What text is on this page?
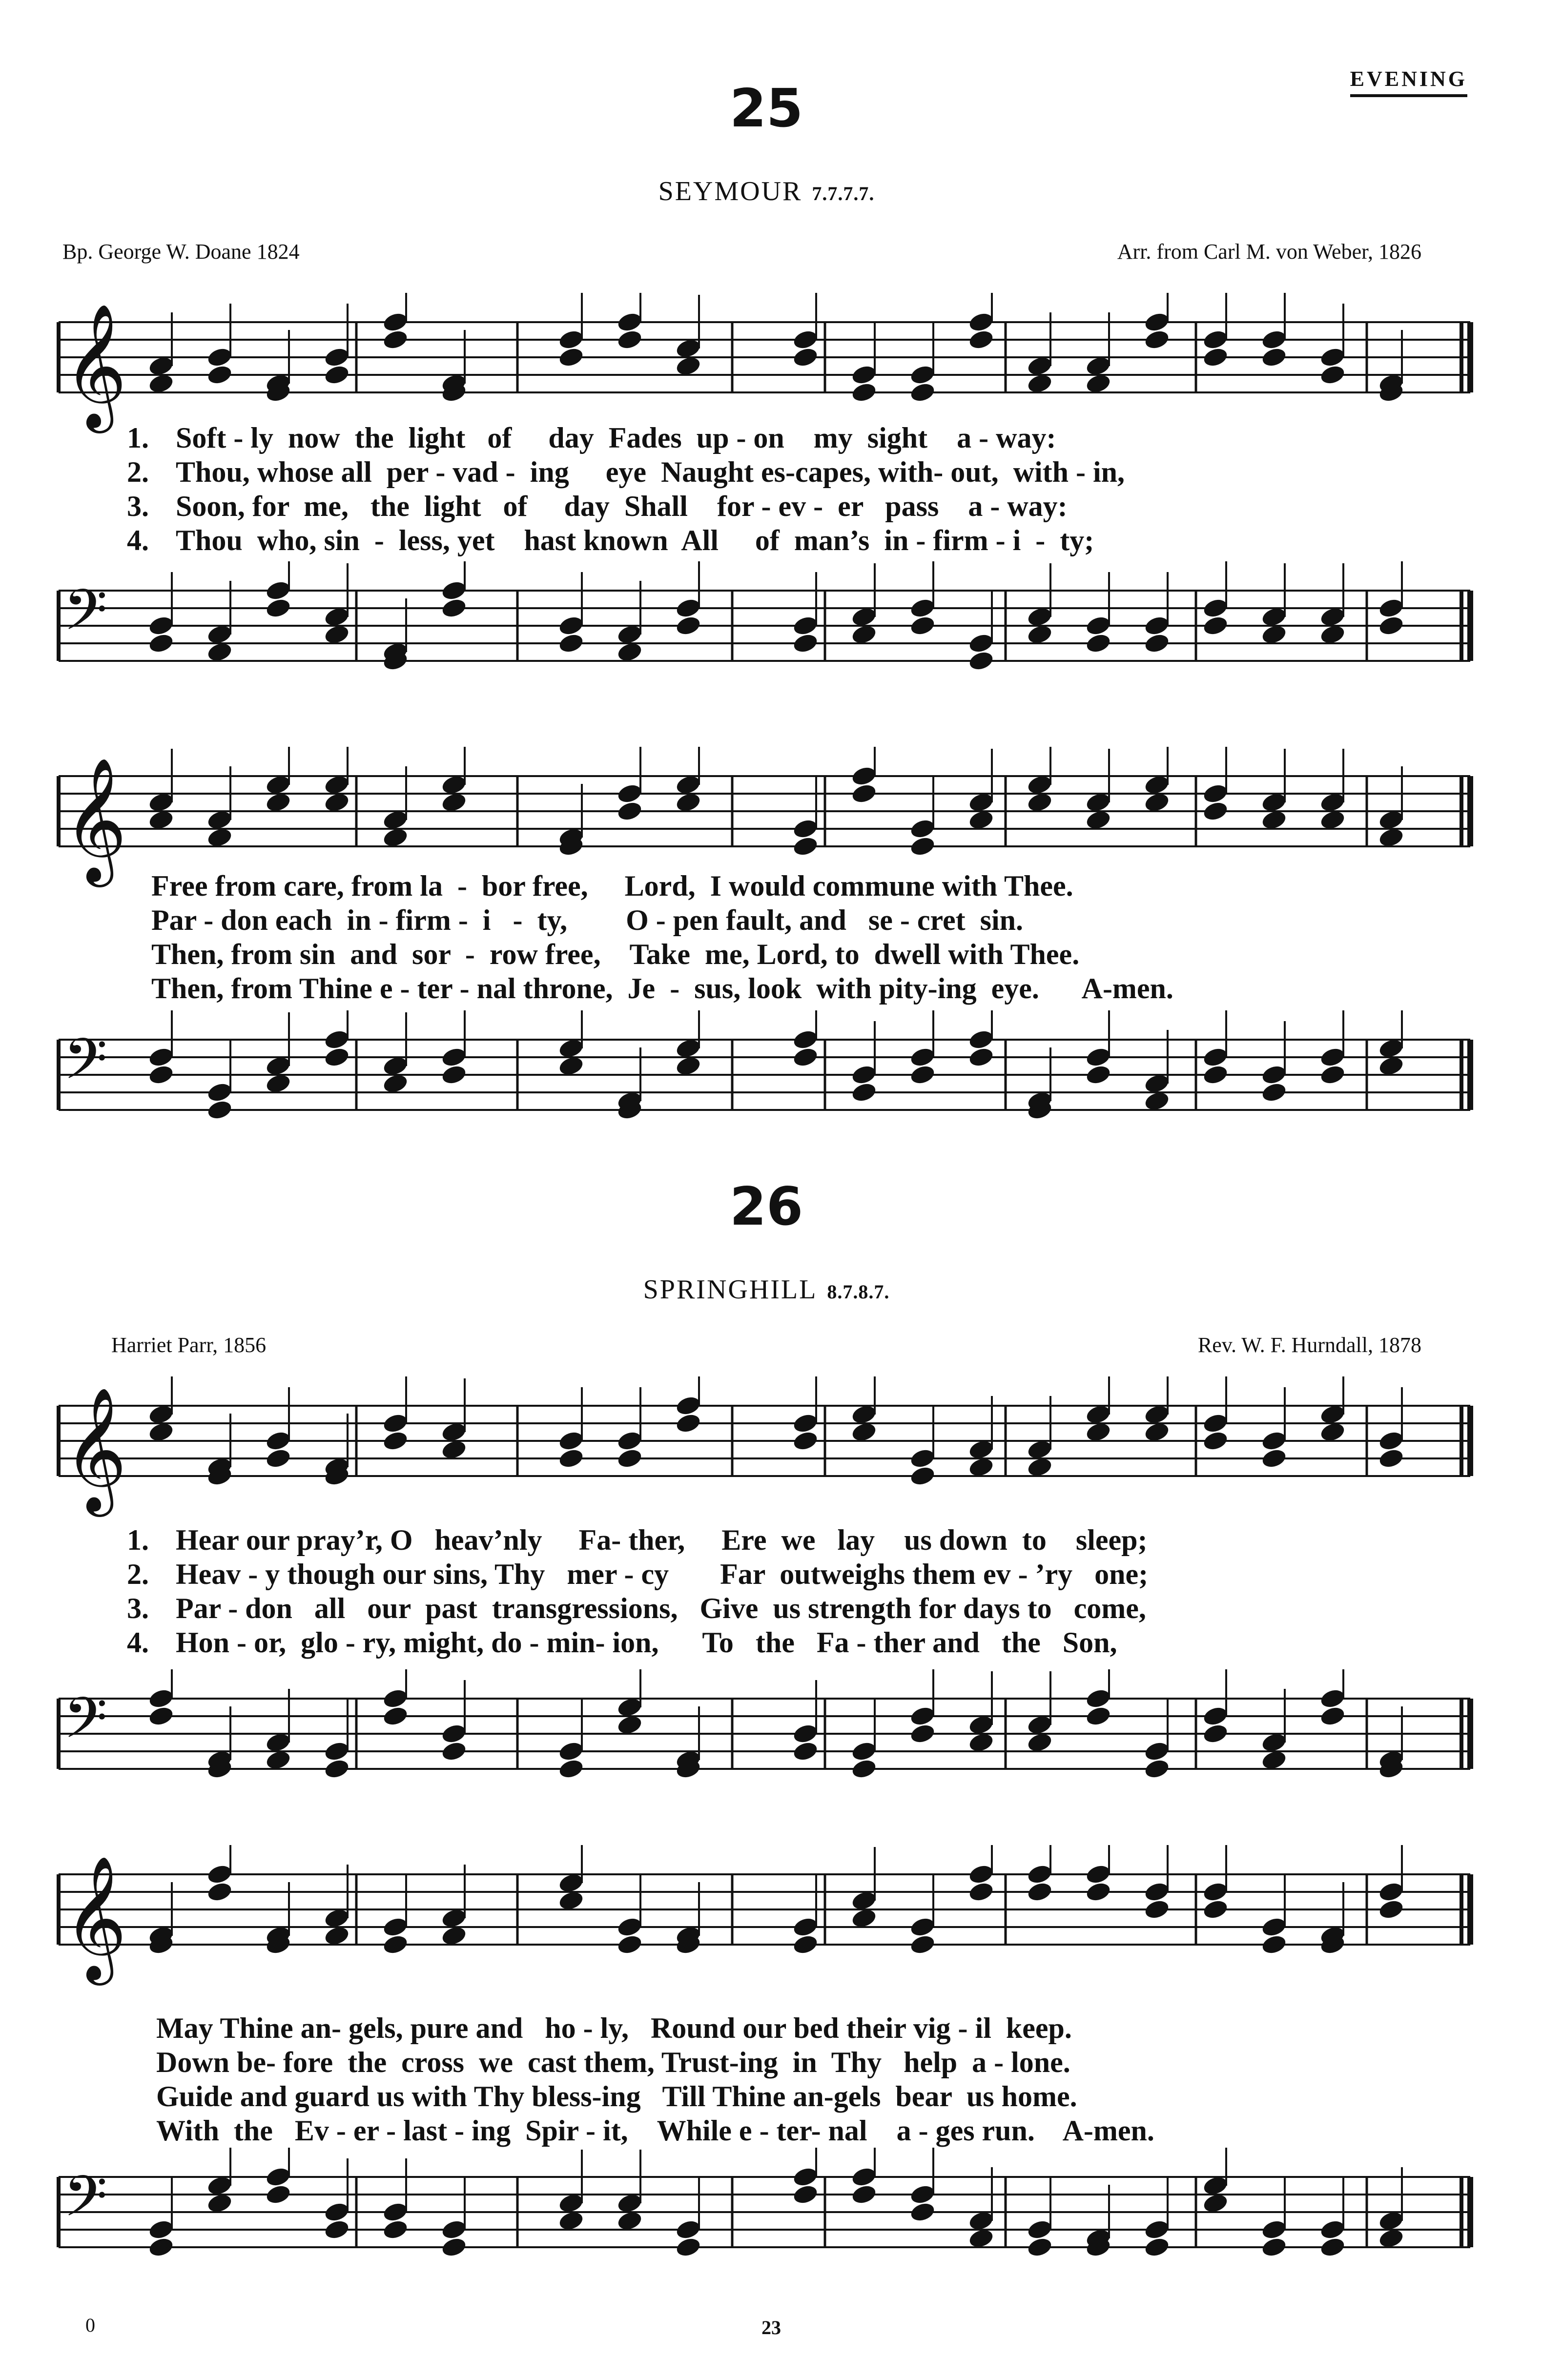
EVENING
25
SEYMOUR 7.7.7.7.
Bp. George W. Doane 1824	Arr. from Carl M. von Weber, 1826
𝄞
1. Soft - ly  now  the  light   of     day  Fades  up - on    my  sight    a - way:
2. Thou, whose all  per - vad -  ing     eye  Naught es-capes, with- out,  with - in,
3. Soon, for  me,   the  light   of     day  Shall    for - ev -  er   pass    a - way:
4. Thou  who, sin  -  less, yet    hast known  All     of  man’s  in - firm - i  -  ty;
𝄢
𝄞
Free from care, from la  -  bor free,     Lord,  I would commune with Thee.
Par - don each  in - firm -  i   -  ty,        O - pen fault, and   se - cret  sin.
Then, from sin  and  sor  -  row free,    Take  me, Lord, to  dwell with Thee.
Then, from Thine e - ter - nal throne,  Je  -  sus, look  with pity-ing  eye.      A-men.
𝄢
26
SPRINGHILL 8.7.8.7.
Harriet Parr, 1856	Rev. W. F. Hurndall, 1878
𝄞
1. Hear our pray’r, O   heav’nly     Fa- ther,     Ere  we   lay    us down  to    sleep;
2. Heav - y though our sins, Thy   mer - cy       Far  outweighs them ev - ’ry   one;
3. Par - don   all   our  past  transgressions,   Give  us strength for days to   come,
4. Hon - or,  glo - ry, might, do - min- ion,      To   the   Fa - ther and   the   Son,
𝄢
𝄞
May Thine an- gels, pure and   ho - ly,   Round our bed their vig - il  keep.
Down be- fore  the  cross  we  cast them, Trust-ing  in  Thy   help  a - lone.
Guide and guard us with Thy bless-ing   Till Thine an-gels  bear  us home.
With  the   Ev - er - last - ing  Spir - it,    While e - ter- nal    a - ges run.    A-men.
𝄢
0	23
